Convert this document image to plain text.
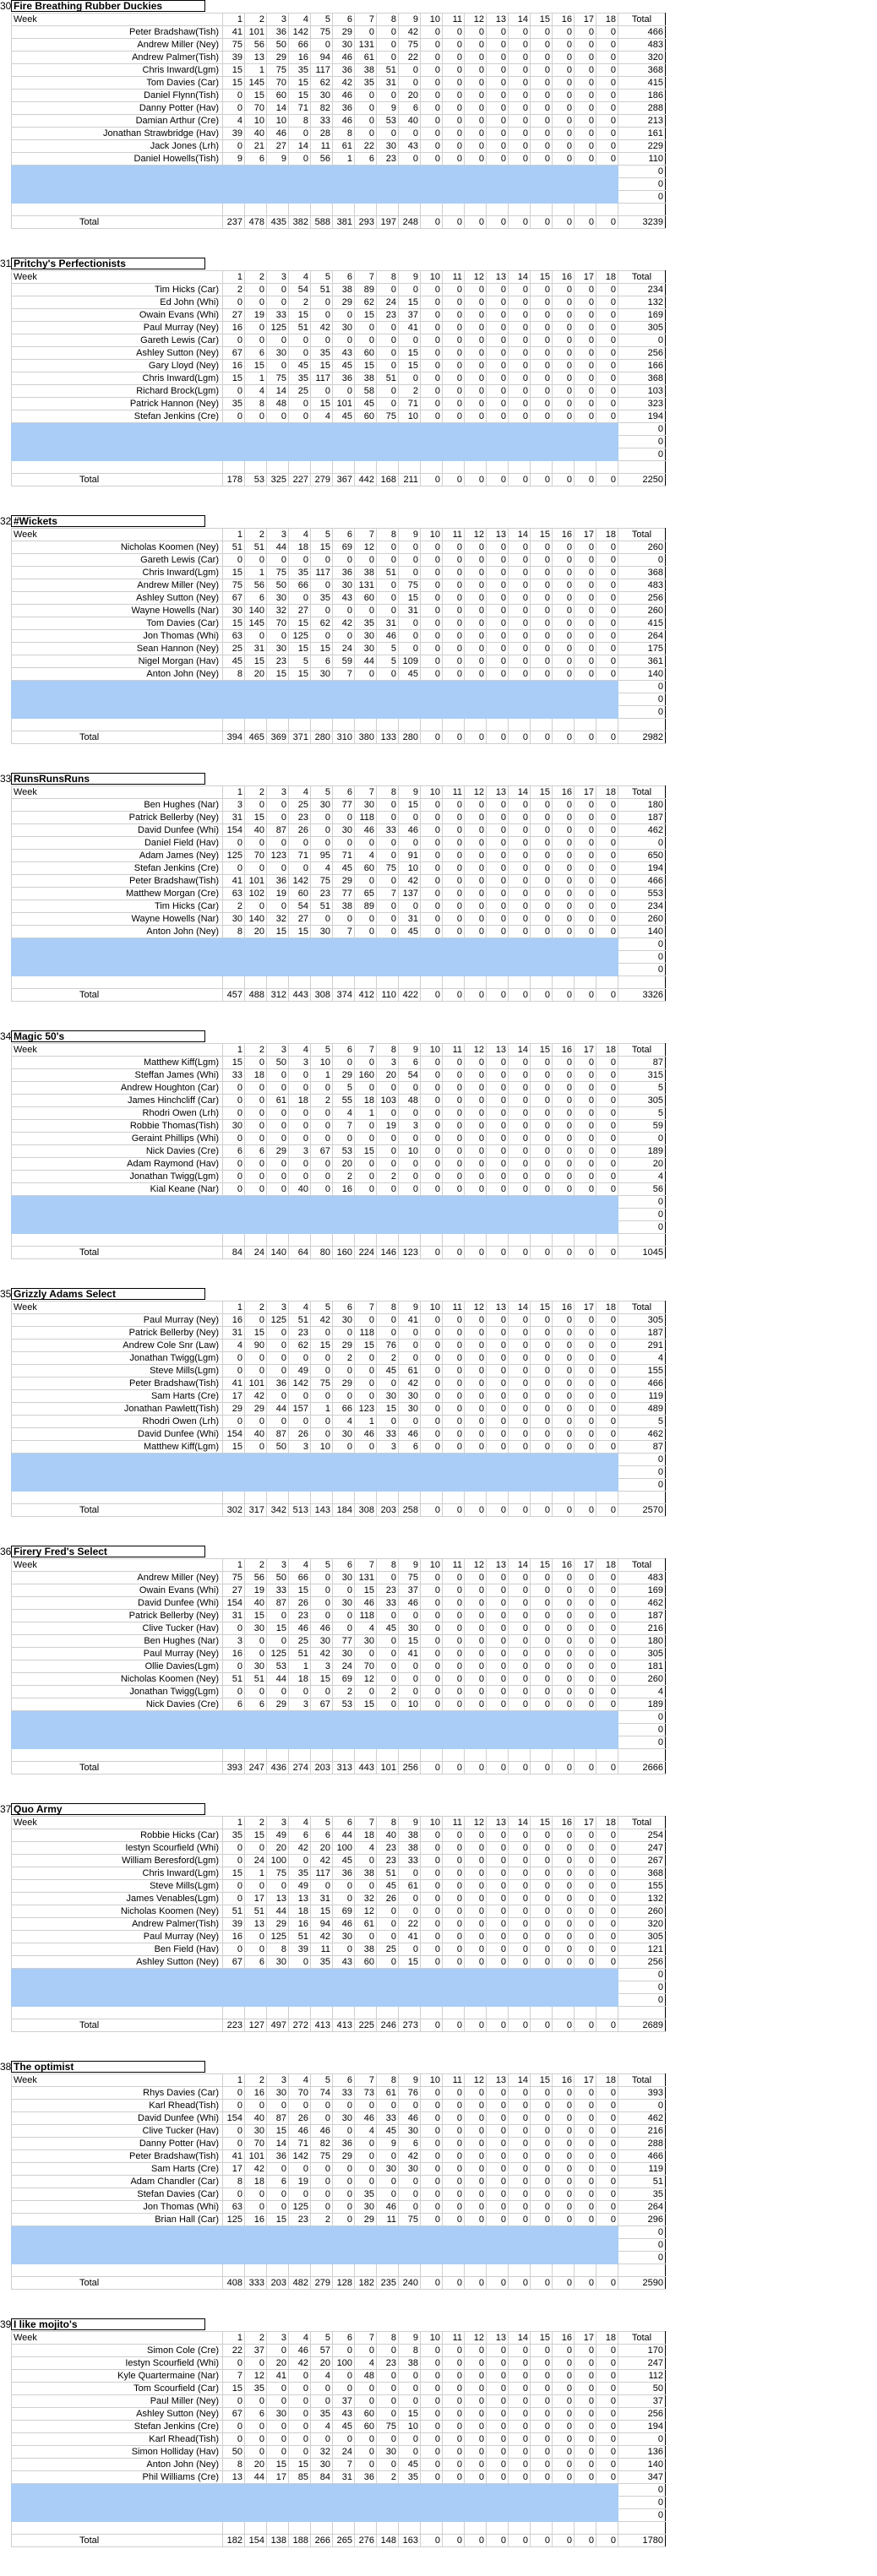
30 Fire Breathing Rubber Duckies
Week	1	2	3	4	5	6	7	8	9	10	11	12	13	14	15	16	17	18	Total
Peter Bradshaw(Tish)	41	101	36	142	75	29	0	0	42	0	0	0	0	0	0	0	0	0	466
Andrew Miller (Ney)	75	56	50	66	0	30	131	0	75	0	0	0	0	0	0	0	0	0	483
Andrew Palmer(Tish)	39	13	29	16	94	46	61	0	22	0	0	0	0	0	0	0	0	0	320
Chris Inward(Lgm)	15	1	75	35	117	36	38	51	0	0	0	0	0	0	0	0	0	0	368
Tom Davies (Car)	15	145	70	15	62	42	35	31	0	0	0	0	0	0	0	0	0	0	415
Daniel Flynn(Tish)	0	15	60	15	30	46	0	0	20	0	0	0	0	0	0	0	0	0	186
Danny Potter (Hav)	0	70	14	71	82	36	0	9	6	0	0	0	0	0	0	0	0	0	288
Damian Arthur (Cre)	4	10	10	8	33	46	0	53	40	0	0	0	0	0	0	0	0	0	213
Jonathan Strawbridge (Hav)	39	40	46	0	28	8	0	0	0	0	0	0	0	0	0	0	0	0	161
Jack Jones (Lrh)	0	21	27	14	11	61	22	30	43	0	0	0	0	0	0	0	0	0	229
Daniel Howells(Tish)	9	6	9	0	56	1	6	23	0	0	0	0	0	0	0	0	0	0	110
																			0
																			0
																			0

Total	237	478	435	382	588	381	293	197	248	0	0	0	0	0	0	0	0	0	3239
31 Pritchy's Perfectionists
Week	1	2	3	4	5	6	7	8	9	10	11	12	13	14	15	16	17	18	Total
Tim Hicks (Car)	2	0	0	54	51	38	89	0	0	0	0	0	0	0	0	0	0	0	234
Ed John (Whi)	0	0	0	2	0	29	62	24	15	0	0	0	0	0	0	0	0	0	132
Owain Evans (Whi)	27	19	33	15	0	0	15	23	37	0	0	0	0	0	0	0	0	0	169
Paul Murray (Ney)	16	0	125	51	42	30	0	0	41	0	0	0	0	0	0	0	0	0	305
Gareth Lewis (Car)	0	0	0	0	0	0	0	0	0	0	0	0	0	0	0	0	0	0	0
Ashley Sutton (Ney)	67	6	30	0	35	43	60	0	15	0	0	0	0	0	0	0	0	0	256
Gary Lloyd (Ney)	16	15	0	45	15	45	15	0	15	0	0	0	0	0	0	0	0	0	166
Chris Inward(Lgm)	15	1	75	35	117	36	38	51	0	0	0	0	0	0	0	0	0	0	368
Richard Brock(Lgm)	0	4	14	25	0	0	58	0	2	0	0	0	0	0	0	0	0	0	103
Patrick Hannon (Ney)	35	8	48	0	15	101	45	0	71	0	0	0	0	0	0	0	0	0	323
Stefan Jenkins (Cre)	0	0	0	0	4	45	60	75	10	0	0	0	0	0	0	0	0	0	194
																			0
																			0
																			0

Total	178	53	325	227	279	367	442	168	211	0	0	0	0	0	0	0	0	0	2250
32 #Wickets
Week	1	2	3	4	5	6	7	8	9	10	11	12	13	14	15	16	17	18	Total
Nicholas Koomen (Ney)	51	51	44	18	15	69	12	0	0	0	0	0	0	0	0	0	0	0	260
Gareth Lewis (Car)	0	0	0	0	0	0	0	0	0	0	0	0	0	0	0	0	0	0	0
Chris Inward(Lgm)	15	1	75	35	117	36	38	51	0	0	0	0	0	0	0	0	0	0	368
Andrew Miller (Ney)	75	56	50	66	0	30	131	0	75	0	0	0	0	0	0	0	0	0	483
Ashley Sutton (Ney)	67	6	30	0	35	43	60	0	15	0	0	0	0	0	0	0	0	0	256
Wayne Howells (Nar)	30	140	32	27	0	0	0	0	31	0	0	0	0	0	0	0	0	0	260
Tom Davies (Car)	15	145	70	15	62	42	35	31	0	0	0	0	0	0	0	0	0	0	415
Jon Thomas (Whi)	63	0	0	125	0	0	30	46	0	0	0	0	0	0	0	0	0	0	264
Sean Hannon (Ney)	25	31	30	15	15	24	30	5	0	0	0	0	0	0	0	0	0	0	175
Nigel Morgan (Hav)	45	15	23	5	6	59	44	5	109	0	0	0	0	0	0	0	0	0	361
Anton John (Ney)	8	20	15	15	30	7	0	0	45	0	0	0	0	0	0	0	0	0	140
																			0
																			0
																			0

Total	394	465	369	371	280	310	380	133	280	0	0	0	0	0	0	0	0	0	2982
33 RunsRunsRuns
Week	1	2	3	4	5	6	7	8	9	10	11	12	13	14	15	16	17	18	Total
Ben Hughes (Nar)	3	0	0	25	30	77	30	0	15	0	0	0	0	0	0	0	0	0	180
Patrick Bellerby (Ney)	31	15	0	23	0	0	118	0	0	0	0	0	0	0	0	0	0	0	187
David Dunfee (Whi)	154	40	87	26	0	30	46	33	46	0	0	0	0	0	0	0	0	0	462
Daniel Field (Hav)	0	0	0	0	0	0	0	0	0	0	0	0	0	0	0	0	0	0	0
Adam James (Ney)	125	70	123	71	95	71	4	0	91	0	0	0	0	0	0	0	0	0	650
Stefan Jenkins (Cre)	0	0	0	0	4	45	60	75	10	0	0	0	0	0	0	0	0	0	194
Peter Bradshaw(Tish)	41	101	36	142	75	29	0	0	42	0	0	0	0	0	0	0	0	0	466
Matthew Morgan (Cre)	63	102	19	60	23	77	65	7	137	0	0	0	0	0	0	0	0	0	553
Tim Hicks (Car)	2	0	0	54	51	38	89	0	0	0	0	0	0	0	0	0	0	0	234
Wayne Howells (Nar)	30	140	32	27	0	0	0	0	31	0	0	0	0	0	0	0	0	0	260
Anton John (Ney)	8	20	15	15	30	7	0	0	45	0	0	0	0	0	0	0	0	0	140
																			0
																			0
																			0

Total	457	488	312	443	308	374	412	110	422	0	0	0	0	0	0	0	0	0	3326
34 Magic 50's
Week	1	2	3	4	5	6	7	8	9	10	11	12	13	14	15	16	17	18	Total
Matthew Kiff(Lgm)	15	0	50	3	10	0	0	3	6	0	0	0	0	0	0	0	0	0	87
Steffan James (Whi)	33	18	0	0	1	29	160	20	54	0	0	0	0	0	0	0	0	0	315
Andrew Houghton (Car)	0	0	0	0	0	5	0	0	0	0	0	0	0	0	0	0	0	0	5
James Hinchcliff (Car)	0	0	61	18	2	55	18	103	48	0	0	0	0	0	0	0	0	0	305
Rhodri Owen (Lrh)	0	0	0	0	0	4	1	0	0	0	0	0	0	0	0	0	0	0	5
Robbie Thomas(Tish)	30	0	0	0	0	7	0	19	3	0	0	0	0	0	0	0	0	0	59
Geraint Phillips (Whi)	0	0	0	0	0	0	0	0	0	0	0	0	0	0	0	0	0	0	0
Nick Davies (Cre)	6	6	29	3	67	53	15	0	10	0	0	0	0	0	0	0	0	0	189
Adam Raymond (Hav)	0	0	0	0	0	20	0	0	0	0	0	0	0	0	0	0	0	0	20
Jonathan Twigg(Lgm)	0	0	0	0	0	2	0	2	0	0	0	0	0	0	0	0	0	0	4
Kial Keane (Nar)	0	0	0	40	0	16	0	0	0	0	0	0	0	0	0	0	0	0	56
																			0
																			0
																			0

Total	84	24	140	64	80	160	224	146	123	0	0	0	0	0	0	0	0	0	1045
35 Grizzly Adams Select
Week	1	2	3	4	5	6	7	8	9	10	11	12	13	14	15	16	17	18	Total
Paul Murray (Ney)	16	0	125	51	42	30	0	0	41	0	0	0	0	0	0	0	0	0	305
Patrick Bellerby (Ney)	31	15	0	23	0	0	118	0	0	0	0	0	0	0	0	0	0	0	187
Andrew Cole Snr (Law)	4	90	0	62	15	29	15	76	0	0	0	0	0	0	0	0	0	0	291
Jonathan Twigg(Lgm)	0	0	0	0	0	2	0	2	0	0	0	0	0	0	0	0	0	0	4
Steve Mills(Lgm)	0	0	0	49	0	0	0	45	61	0	0	0	0	0	0	0	0	0	155
Peter Bradshaw(Tish)	41	101	36	142	75	29	0	0	42	0	0	0	0	0	0	0	0	0	466
Sam Harts (Cre)	17	42	0	0	0	0	0	30	30	0	0	0	0	0	0	0	0	0	119
Jonathan Pawlett(Tish)	29	29	44	157	1	66	123	15	30	0	0	0	0	0	0	0	0	0	489
Rhodri Owen (Lrh)	0	0	0	0	0	4	1	0	0	0	0	0	0	0	0	0	0	0	5
David Dunfee (Whi)	154	40	87	26	0	30	46	33	46	0	0	0	0	0	0	0	0	0	462
Matthew Kiff(Lgm)	15	0	50	3	10	0	0	3	6	0	0	0	0	0	0	0	0	0	87
																			0
																			0
																			0

Total	302	317	342	513	143	184	308	203	258	0	0	0	0	0	0	0	0	0	2570
36 Firery Fred's Select
Week	1	2	3	4	5	6	7	8	9	10	11	12	13	14	15	16	17	18	Total
Andrew Miller (Ney)	75	56	50	66	0	30	131	0	75	0	0	0	0	0	0	0	0	0	483
Owain Evans (Whi)	27	19	33	15	0	0	15	23	37	0	0	0	0	0	0	0	0	0	169
David Dunfee (Whi)	154	40	87	26	0	30	46	33	46	0	0	0	0	0	0	0	0	0	462
Patrick Bellerby (Ney)	31	15	0	23	0	0	118	0	0	0	0	0	0	0	0	0	0	0	187
Clive Tucker (Hav)	0	30	15	46	46	0	4	45	30	0	0	0	0	0	0	0	0	0	216
Ben Hughes (Nar)	3	0	0	25	30	77	30	0	15	0	0	0	0	0	0	0	0	0	180
Paul Murray (Ney)	16	0	125	51	42	30	0	0	41	0	0	0	0	0	0	0	0	0	305
Ollie Davies(Lgm)	0	30	53	1	3	24	70	0	0	0	0	0	0	0	0	0	0	0	181
Nicholas Koomen (Ney)	51	51	44	18	15	69	12	0	0	0	0	0	0	0	0	0	0	0	260
Jonathan Twigg(Lgm)	0	0	0	0	0	2	0	2	0	0	0	0	0	0	0	0	0	0	4
Nick Davies (Cre)	6	6	29	3	67	53	15	0	10	0	0	0	0	0	0	0	0	0	189
																			0
																			0
																			0

Total	393	247	436	274	203	313	443	101	256	0	0	0	0	0	0	0	0	0	2666
37 Quo Army
Week	1	2	3	4	5	6	7	8	9	10	11	12	13	14	15	16	17	18	Total
Robbie Hicks (Car)	35	15	49	6	6	44	18	40	38	0	0	0	0	0	0	0	0	0	254
Iestyn Scourfield (Whi)	0	0	20	42	20	100	4	23	38	0	0	0	0	0	0	0	0	0	247
William Beresford(Lgm)	0	24	100	0	42	45	0	23	33	0	0	0	0	0	0	0	0	0	267
Chris Inward(Lgm)	15	1	75	35	117	36	38	51	0	0	0	0	0	0	0	0	0	0	368
Steve Mills(Lgm)	0	0	0	49	0	0	0	45	61	0	0	0	0	0	0	0	0	0	155
James Venables(Lgm)	0	17	13	13	31	0	32	26	0	0	0	0	0	0	0	0	0	0	132
Nicholas Koomen (Ney)	51	51	44	18	15	69	12	0	0	0	0	0	0	0	0	0	0	0	260
Andrew Palmer(Tish)	39	13	29	16	94	46	61	0	22	0	0	0	0	0	0	0	0	0	320
Paul Murray (Ney)	16	0	125	51	42	30	0	0	41	0	0	0	0	0	0	0	0	0	305
Ben Field (Hav)	0	0	8	39	11	0	38	25	0	0	0	0	0	0	0	0	0	0	121
Ashley Sutton (Ney)	67	6	30	0	35	43	60	0	15	0	0	0	0	0	0	0	0	0	256
																			0
																			0
																			0

Total	223	127	497	272	413	413	225	246	273	0	0	0	0	0	0	0	0	0	2689
38 The optimist
Week	1	2	3	4	5	6	7	8	9	10	11	12	13	14	15	16	17	18	Total
Rhys Davies (Car)	0	16	30	70	74	33	73	61	76	0	0	0	0	0	0	0	0	0	393
Karl Rhead(Tish)	0	0	0	0	0	0	0	0	0	0	0	0	0	0	0	0	0	0	0
David Dunfee (Whi)	154	40	87	26	0	30	46	33	46	0	0	0	0	0	0	0	0	0	462
Clive Tucker (Hav)	0	30	15	46	46	0	4	45	30	0	0	0	0	0	0	0	0	0	216
Danny Potter (Hav)	0	70	14	71	82	36	0	9	6	0	0	0	0	0	0	0	0	0	288
Peter Bradshaw(Tish)	41	101	36	142	75	29	0	0	42	0	0	0	0	0	0	0	0	0	466
Sam Harts (Cre)	17	42	0	0	0	0	0	30	30	0	0	0	0	0	0	0	0	0	119
Adam Chandler (Car)	8	18	6	19	0	0	0	0	0	0	0	0	0	0	0	0	0	0	51
Stefan Davies (Car)	0	0	0	0	0	0	35	0	0	0	0	0	0	0	0	0	0	0	35
Jon Thomas (Whi)	63	0	0	125	0	0	30	46	0	0	0	0	0	0	0	0	0	0	264
Brian Hall (Car)	125	16	15	23	2	0	29	11	75	0	0	0	0	0	0	0	0	0	296
																			0
																			0
																			0

Total	408	333	203	482	279	128	182	235	240	0	0	0	0	0	0	0	0	0	2590
39 I like mojito's
Week	1	2	3	4	5	6	7	8	9	10	11	12	13	14	15	16	17	18	Total
Simon Cole (Cre)	22	37	0	46	57	0	0	0	8	0	0	0	0	0	0	0	0	0	170
Iestyn Scourfield (Whi)	0	0	20	42	20	100	4	23	38	0	0	0	0	0	0	0	0	0	247
Kyle Quartermaine (Nar)	7	12	41	0	4	0	48	0	0	0	0	0	0	0	0	0	0	0	112
Tom Scourfield (Car)	15	35	0	0	0	0	0	0	0	0	0	0	0	0	0	0	0	0	50
Paul Miller (Ney)	0	0	0	0	0	37	0	0	0	0	0	0	0	0	0	0	0	0	37
Ashley Sutton (Ney)	67	6	30	0	35	43	60	0	15	0	0	0	0	0	0	0	0	0	256
Stefan Jenkins (Cre)	0	0	0	0	4	45	60	75	10	0	0	0	0	0	0	0	0	0	194
Karl Rhead(Tish)	0	0	0	0	0	0	0	0	0	0	0	0	0	0	0	0	0	0	0
Simon Holliday (Hav)	50	0	0	0	32	24	0	30	0	0	0	0	0	0	0	0	0	0	136
Anton John (Ney)	8	20	15	15	30	7	0	0	45	0	0	0	0	0	0	0	0	0	140
Phil Williams (Cre)	13	44	17	85	84	31	36	2	35	0	0	0	0	0	0	0	0	0	347
																			0
																			0
																			0

Total	182	154	138	188	266	265	276	148	163	0	0	0	0	0	0	0	0	0	1780
